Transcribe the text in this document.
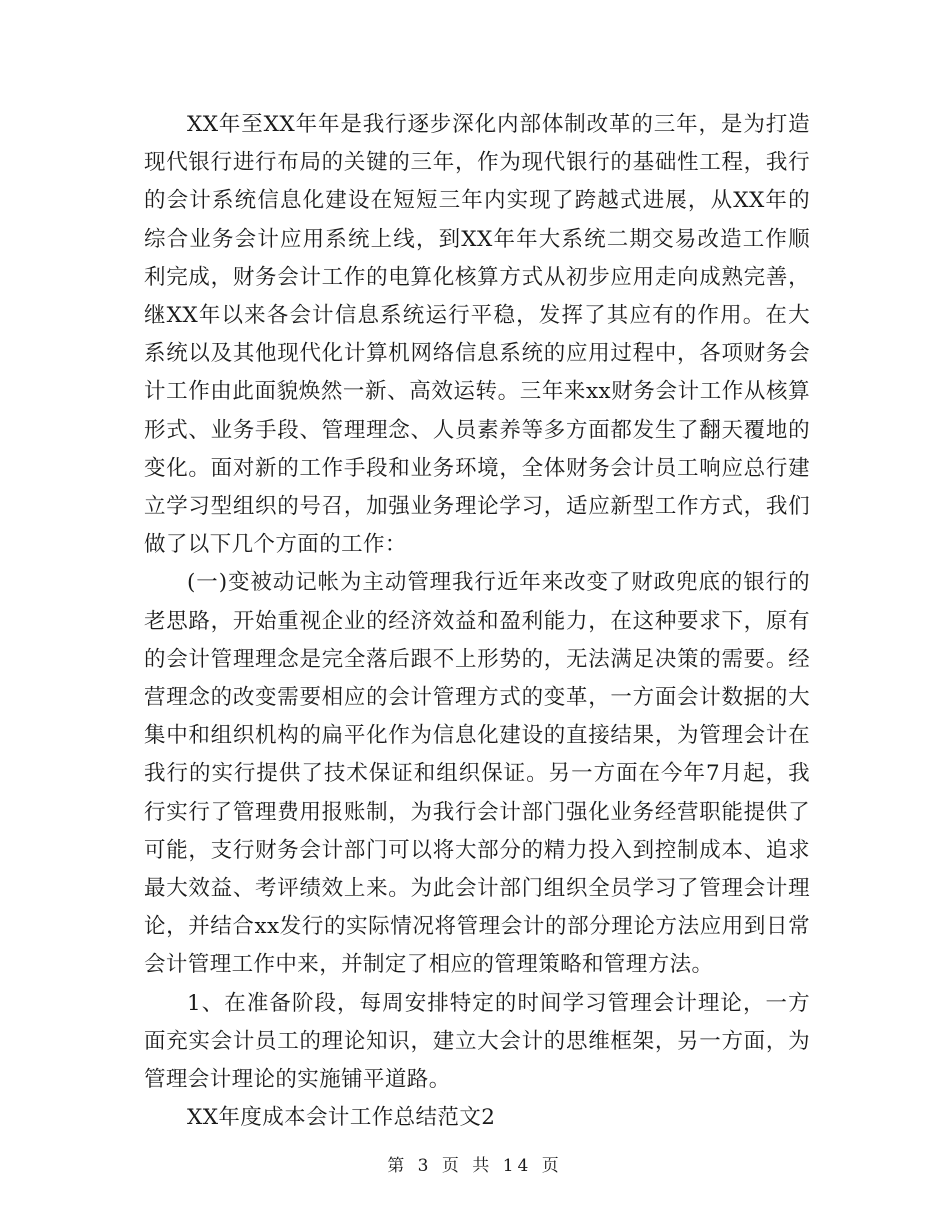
XX年至XX年年是我行逐步深化内部体制改革的三年，是为打造现代银行进行布局的关键的三年，作为现代银行的基础性工程，我行的会计系统信息化建设在短短三年内实现了跨越式进展，从XX年的综合业务会计应用系统上线，到XX年年大系统二期交易改造工作顺利完成，财务会计工作的电算化核算方式从初步应用走向成熟完善，继XX年以来各会计信息系统运行平稳，发挥了其应有的作用。在大系统以及其他现代化计算机网络信息系统的应用过程中，各项财务会计工作由此面貌焕然一新、高效运转。三年来xx财务会计工作从核算形式、业务手段、管理理念、人员素养等多方面都发生了翻天覆地的变化。面对新的工作手段和业务环境，全体财务会计员工响应总行建立学习型组织的号召，加强业务理论学习，适应新型工作方式，我们做了以下几个方面的工作：

(一)变被动记帐为主动管理我行近年来改变了财政兜底的银行的老思路，开始重视企业的经济效益和盈利能力，在这种要求下，原有的会计管理理念是完全落后跟不上形势的，无法满足决策的需要。经营理念的改变需要相应的会计管理方式的变革，一方面会计数据的大集中和组织机构的扁平化作为信息化建设的直接结果，为管理会计在我行的实行提供了技术保证和组织保证。另一方面在今年7月起，我行实行了管理费用报账制，为我行会计部门强化业务经营职能提供了可能，支行财务会计部门可以将大部分的精力投入到控制成本、追求最大效益、考评绩效上来。为此会计部门组织全员学习了管理会计理论，并结合xx发行的实际情况将管理会计的部分理论方法应用到日常会计管理工作中来，并制定了相应的管理策略和管理方法。

1、在准备阶段，每周安排特定的时间学习管理会计理论，一方面充实会计员工的理论知识，建立大会计的思维框架，另一方面，为管理会计理论的实施铺平道路。

XX年度成本会计工作总结范文2

第 3 页 共 14 页
